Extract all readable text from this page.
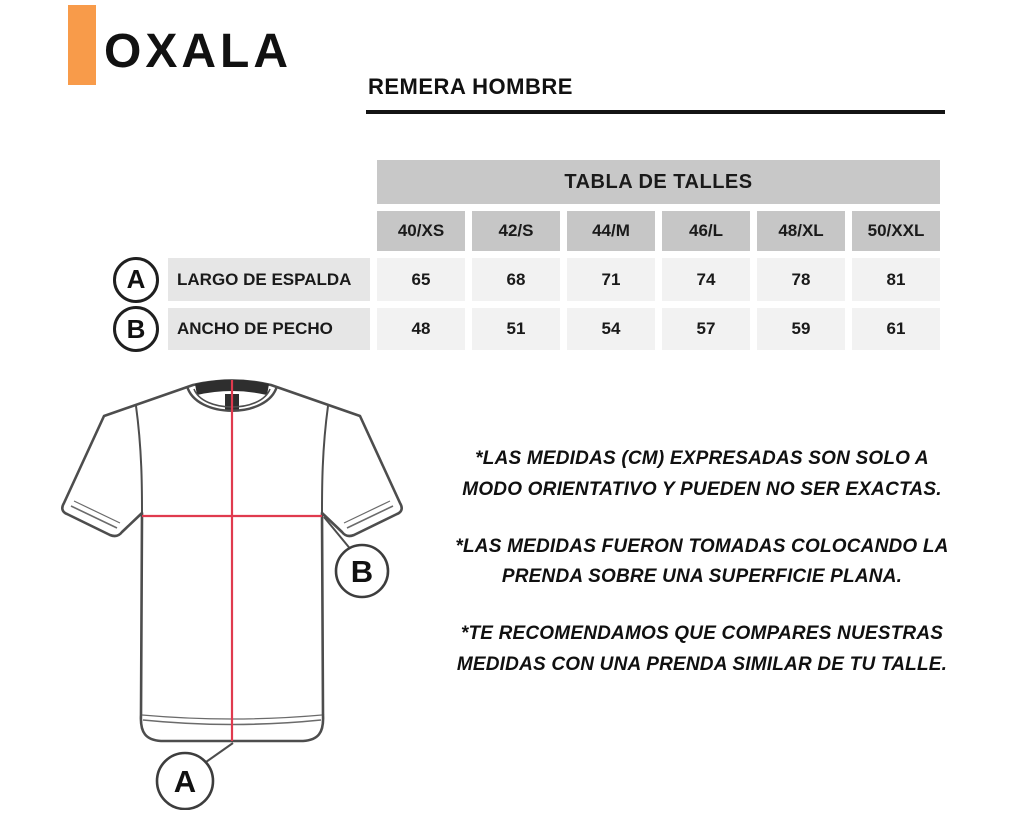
OXALA
REMERA HOMBRE
TABLA DE TALLES
40/XS	42/S	44/M	46/L	48/XL	50/XXL
A	LARGO DE ESPALDA	65	68	71	74	78	81
B	ANCHO DE PECHO	48	51	54	57	59	61
B
A

*LAS MEDIDAS (CM) EXPRESADAS SON SOLO A MODO ORIENTATIVO Y PUEDEN NO SER EXACTAS.

*LAS MEDIDAS FUERON TOMADAS COLOCANDO LA PRENDA SOBRE UNA SUPERFICIE PLANA.

*TE RECOMENDAMOS QUE COMPARES NUESTRAS MEDIDAS CON UNA PRENDA SIMILAR DE TU TALLE.
